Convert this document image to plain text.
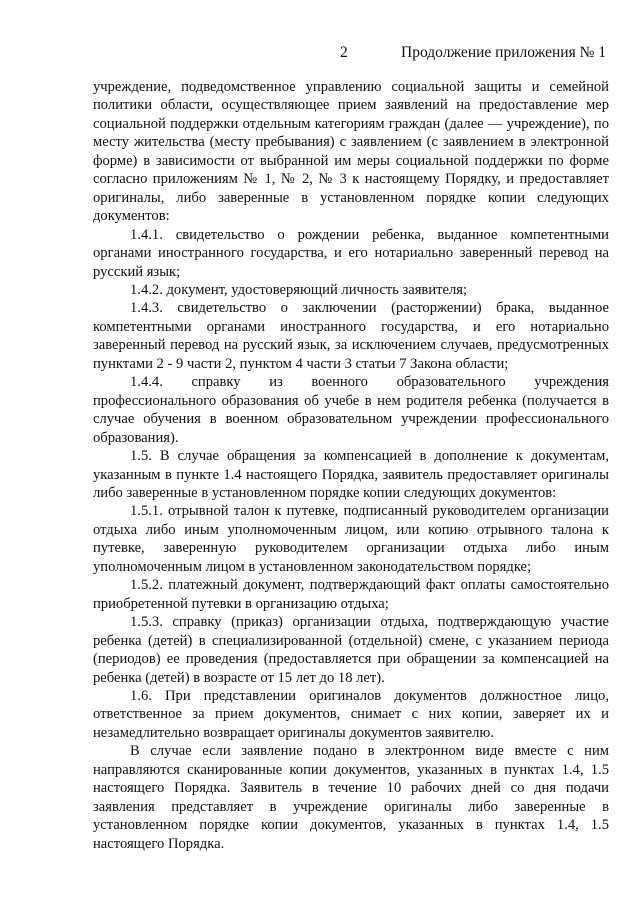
2	Продолжение приложения № 1

учреждение, подведомственное управлению социальной защиты и семейной политики области, осуществляющее прием заявлений на предоставление мер социальной поддержки отдельным категориям граждан (далее — учреждение), по месту жительства (месту пребывания) с заявлением (с заявлением в электронной форме) в зависимости от выбранной им меры социальной поддержки по форме согласно приложениям № 1, № 2, № 3 к настоящему Порядку, и предоставляет оригиналы, либо заверенные в установленном порядке копии следующих документов:

1.4.1. свидетельство о рождении ребенка, выданное компетентными органами иностранного государства, и его нотариально заверенный перевод на русский язык;

1.4.2. документ, удостоверяющий личность заявителя;

1.4.3. свидетельство о заключении (расторжении) брака, выданное компетентными органами иностранного государства, и его нотариально заверенный перевод на русский язык, за исключением случаев, предусмотренных пунктами 2 - 9 части 2, пунктом 4 части 3 статьи 7 Закона области;

1.4.4. справку из военного образовательного учреждения профессионального образования об учебе в нем родителя ребенка (получается в случае обучения в военном образовательном учреждении профессионального образования).

1.5. В случае обращения за компенсацией в дополнение к документам, указанным в пункте 1.4 настоящего Порядка, заявитель предоставляет оригиналы либо заверенные в установленном порядке копии следующих документов:

1.5.1. отрывной талон к путевке, подписанный руководителем организации отдыха либо иным уполномоченным лицом, или копию отрывного талона к путевке, заверенную руководителем организации отдыха либо иным уполномоченным лицом в установленном законодательством порядке;

1.5.2. платежный документ, подтверждающий факт оплаты самостоятельно приобретенной путевки в организацию отдыха;

1.5.3. справку (приказ) организации отдыха, подтверждающую участие ребенка (детей) в специализированной (отдельной) смене, с указанием периода (периодов) ее проведения (предоставляется при обращении за компенсацией на ребенка (детей) в возрасте от 15 лет до 18 лет).

1.6. При представлении оригиналов документов должностное лицо, ответственное за прием документов, снимает с них копии, заверяет их и незамедлительно возвращает оригиналы документов заявителю.

В случае если заявление подано в электронном виде вместе с ним направляются сканированные копии документов, указанных в пунктах 1.4, 1.5 настоящего Порядка. Заявитель в течение 10 рабочих дней со дня подачи заявления представляет в учреждение оригиналы либо заверенные в установленном порядке копии документов, указанных в пунктах 1.4, 1.5 настоящего Порядка.
